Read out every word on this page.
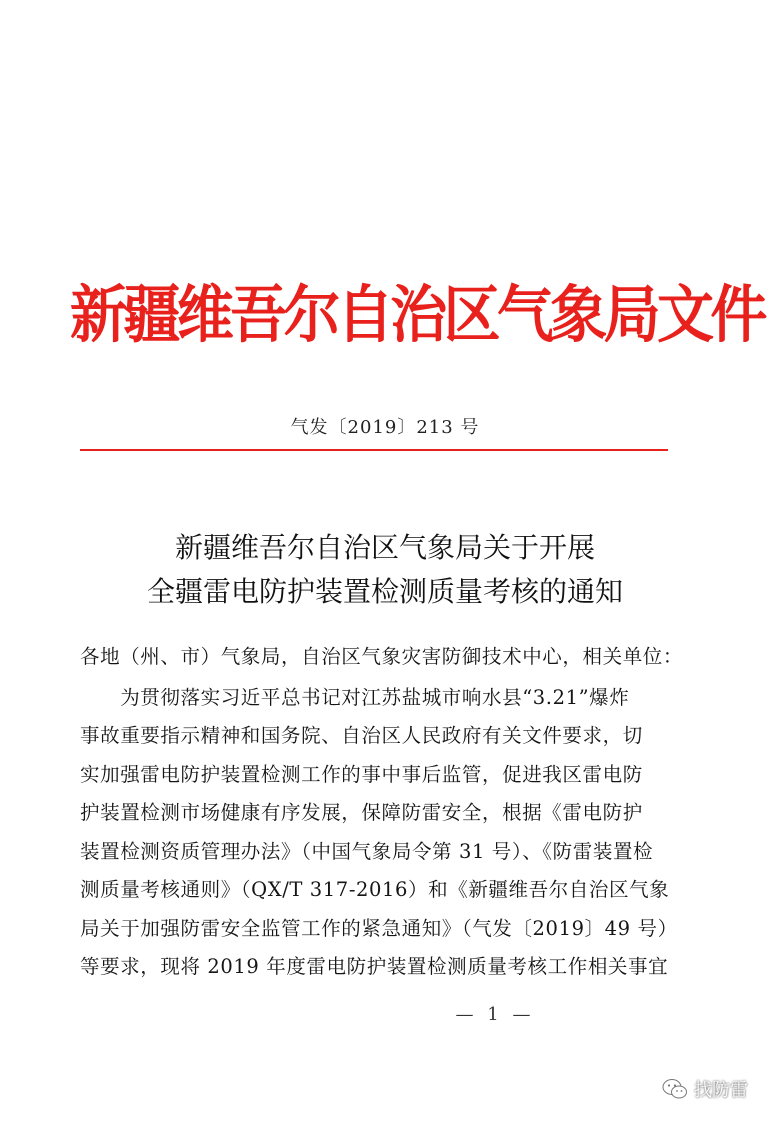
新疆维吾尔自治区气象局文件
气发〔2019〕213 号
新疆维吾尔自治区气象局关于开展
全疆雷电防护装置检测质量考核的通知
各地（州、市）气象局，自治区气象灾害防御技术中心，相关单位：
　　为贯彻落实习近平总书记对江苏盐城市响水县“3.21”爆炸
事故重要指示精神和国务院、自治区人民政府有关文件要求，切
实加强雷电防护装置检测工作的事中事后监管，促进我区雷电防
护装置检测市场健康有序发展，保障防雷安全，根据《雷电防护
装置检测资质管理办法》（中国气象局令第 31 号）、《防雷装置检
测质量考核通则》（QX/T 317-2016）和《新疆维吾尔自治区气象
局关于加强防雷安全监管工作的紧急通知》（气发〔2019〕49 号）
等要求，现将 2019 年度雷电防护装置检测质量考核工作相关事宜
— 1 —
找防雷
